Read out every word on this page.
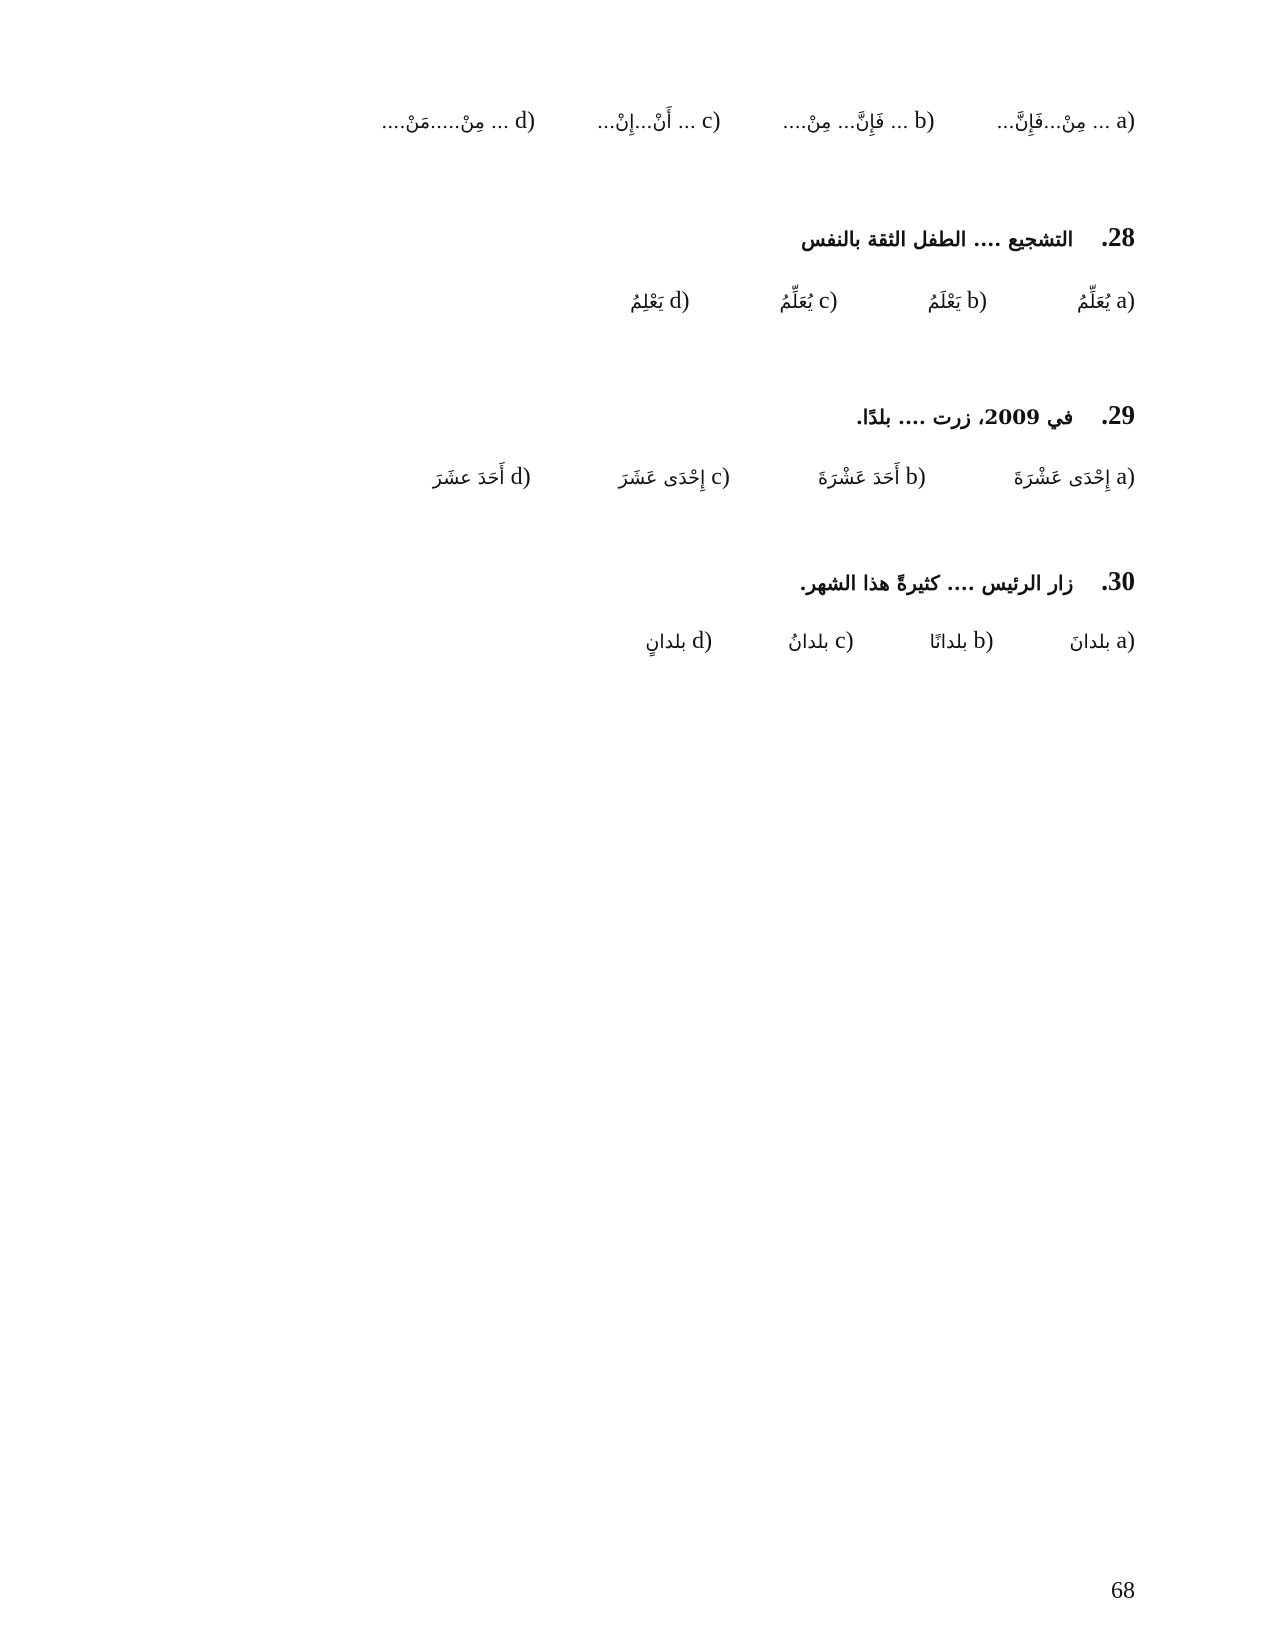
a)
... مِنْ...فَإِنَّ...
b)
... فَإِنَّ... مِنْ....
c)
... أَنْ...إِنْ...
d)
... مِنْ.....مَنْ....
.28
التشجيع .... الطفل الثقة بالنفس
a)
يُعَلِّمُ
b)
يَعْلَمُ
c)
يُعَلِّمُ
d)
يَعْلِمُ
.29
في 2009، زرت .... بلدًا.
a)
إِحْدَى عَشْرَةَ
b)
أَحَدَ عَشْرَةَ
c)
إِحْدَى عَشَرَ
d)
أَحَدَ عشَرَ
.30
زار الرئيس .... كثيرةً هذا الشهر.
a)
بلدانَ
b)
بلدانًا
c)
بلدانُ
d)
بلدانٍ
68
